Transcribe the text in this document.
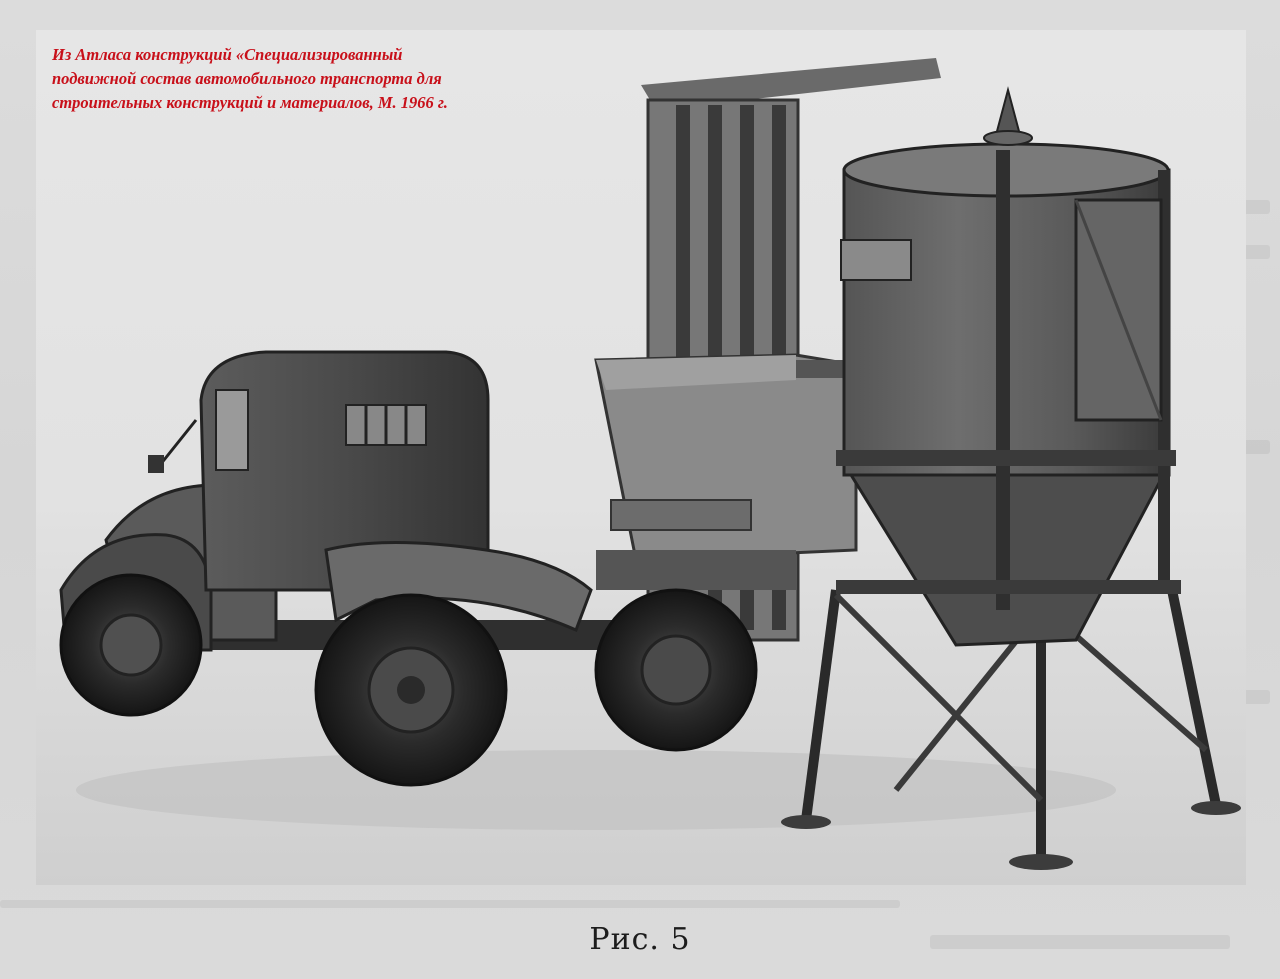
Из Атласа конструкций «Специализированный
подвижной состав автомобильного транспорта для
строительных конструкций и материалов, М. 1966 г.

Рис. 5
